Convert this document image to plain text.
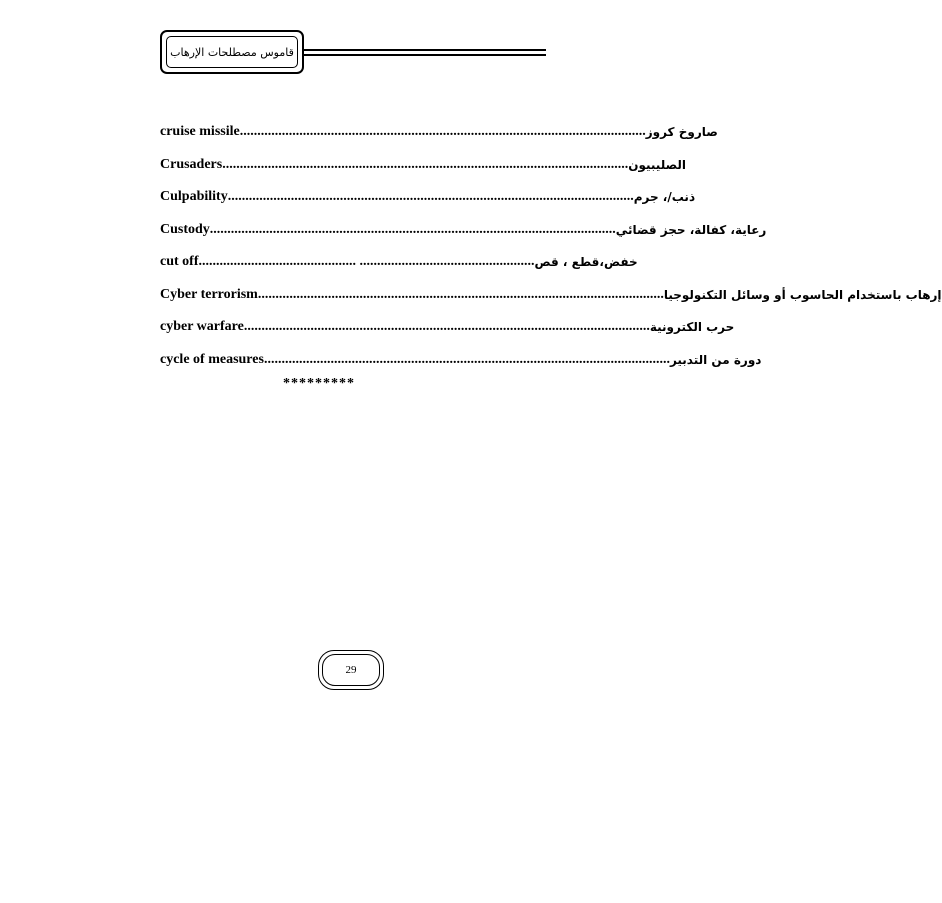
قاموس مصطلحات الإرهاب
cruise missile .................................................................................................................... صاروخ كروز
Crusaders .................................................................................................................... الصليبيون
Culpability .................................................................................................................... ذنب/، جرم
Custody .................................................................................................................... رعاية، كفالة، حجز قضائي
cut off ............................................. .................................................. خفض،قطع ، قص
Cyber terrorism .................................................................................................................... إرهاب باستخدام الحاسوب أو وسائل التكنولوجيا
cyber warfare .................................................................................................................... حرب الكترونية
cycle of measures .................................................................................................................... دورة من التدبير
*********
29
